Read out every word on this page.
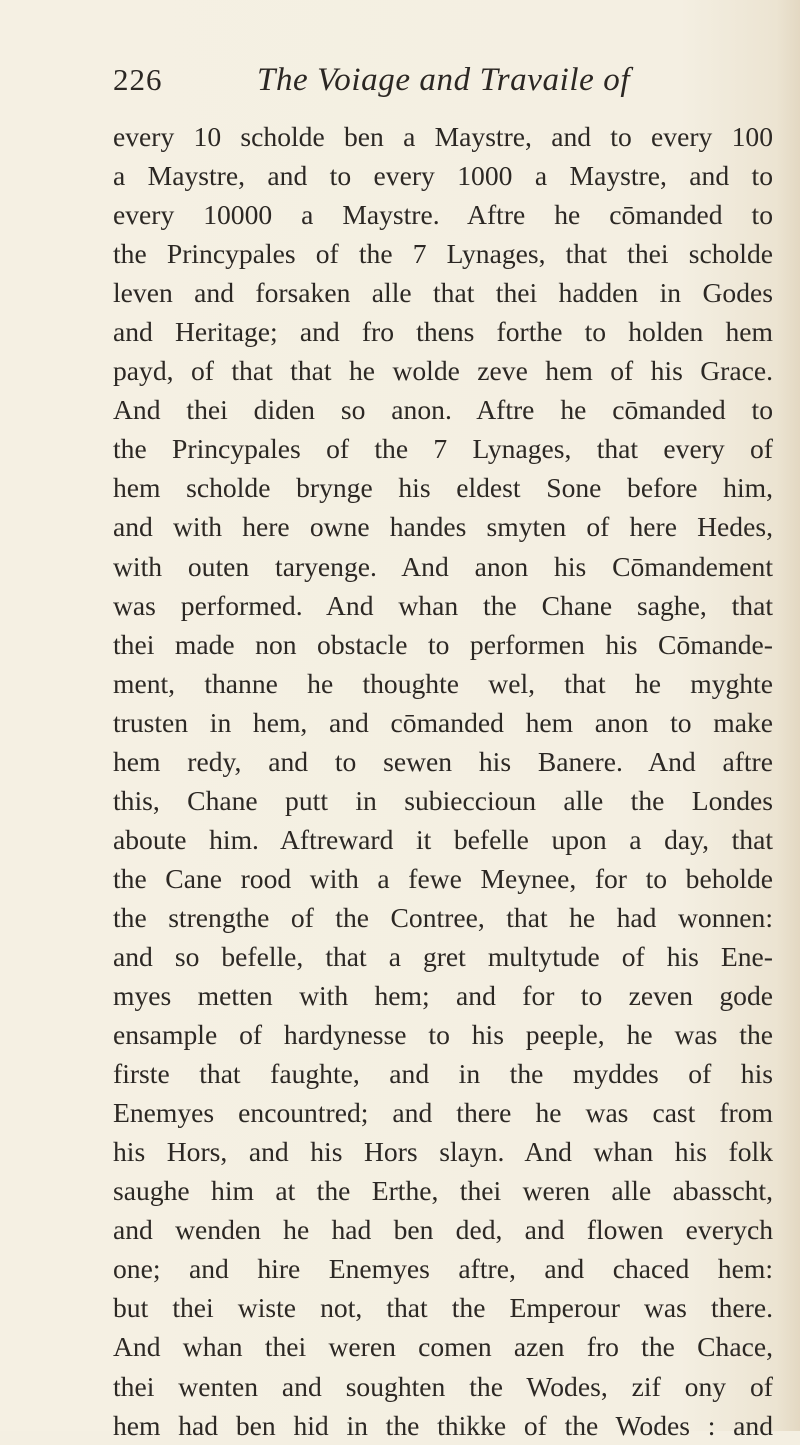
226	The Voiage and Travaile of
every 10 scholde ben a Maystre, and to every 100
a Maystre, and to every 1000 a Maystre, and to
every 10000 a Maystre. Aftre he cōmanded to
the Princypales of the 7 Lynages, that thei scholde
leven and forsaken alle that thei hadden in Godes
and Heritage; and fro thens forthe to holden hem
payd, of that that he wolde zeve hem of his Grace.
And thei diden so anon. Aftre he cōmanded to
the Princypales of the 7 Lynages, that every of
hem scholde brynge his eldest Sone before him,
and with here owne handes smyten of here Hedes,
with outen taryenge. And anon his Cōmandement
was performed. And whan the Chane saghe, that
thei made non obstacle to performen his Cōmande-
ment, thanne he thoughte wel, that he myghte
trusten in hem, and cōmanded hem anon to make
hem redy, and to sewen his Banere. And aftre
this, Chane putt in subieccioun alle the Londes
aboute him. Aftreward it befelle upon a day, that
the Cane rood with a fewe Meynee, for to beholde
the strengthe of the Contree, that he had wonnen:
and so befelle, that a gret multytude of his Ene-
myes metten with hem; and for to zeven gode
ensample of hardynesse to his peeple, he was the
firste that faughte, and in the myddes of his
Enemyes encountred; and there he was cast from
his Hors, and his Hors slayn. And whan his folk
saughe him at the Erthe, thei weren alle abasscht,
and wenden he had ben ded, and flowen everych
one; and hire Enemyes aftre, and chaced hem:
but thei wiste not, that the Emperour was there.
And whan thei weren comen azen fro the Chace,
thei wenten and soughten the Wodes, zif ony of
hem had ben hid in the thikke of the Wodes : and
